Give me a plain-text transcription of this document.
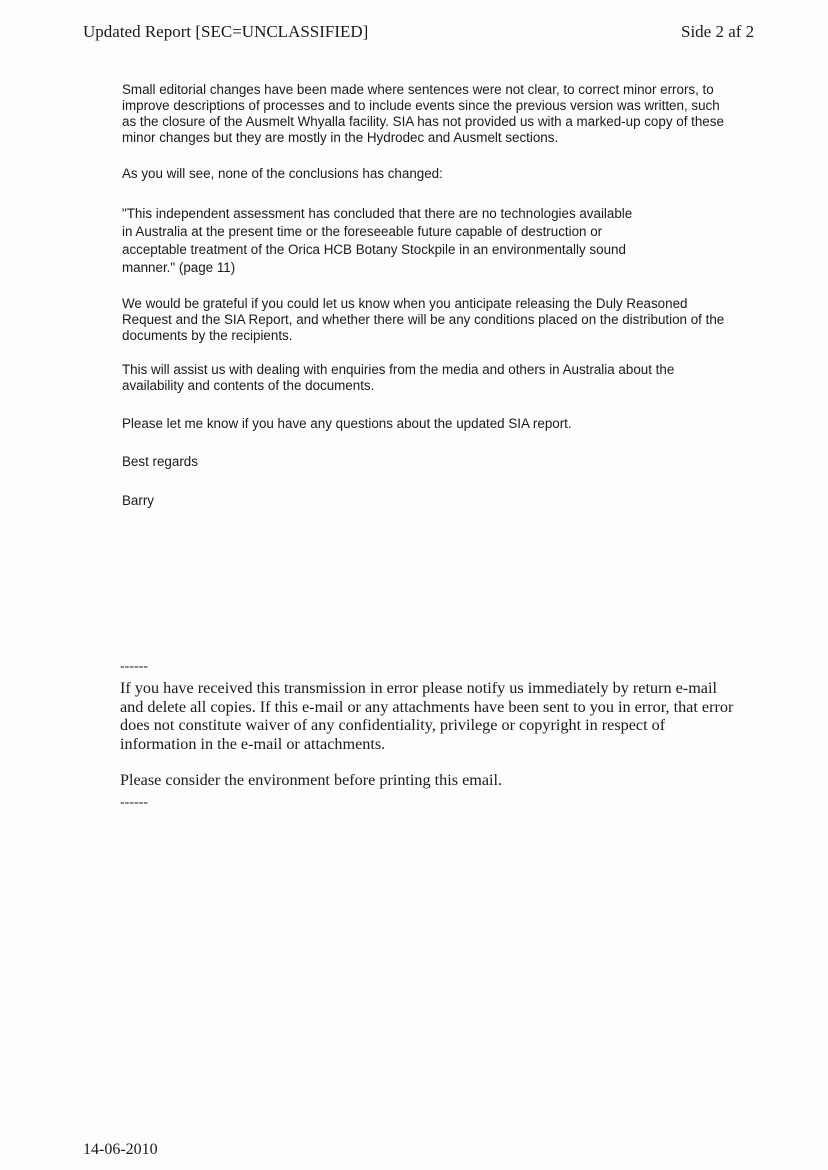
Updated Report [SEC=UNCLASSIFIED]	Side 2 af 2

Small editorial changes have been made where sentences were not clear, to correct minor errors, to
improve descriptions of processes and to include events since the previous version was written, such
as the closure of the Ausmelt Whyalla facility. SIA has not provided us with a marked-up copy of these
minor changes but they are mostly in the Hydrodec and Ausmelt sections.

As you will see, none of the conclusions has changed:

"This independent assessment has concluded that there are no technologies available
in Australia at the present time or the foreseeable future capable of destruction or
acceptable treatment of the Orica HCB Botany Stockpile in an environmentally sound
manner." (page 11)

We would be grateful if you could let us know when you anticipate releasing the Duly Reasoned
Request and the SIA Report, and whether there will be any conditions placed on the distribution of the
documents by the recipients.

This will assist us with dealing with enquiries from the media and others in Australia about the
availability and contents of the documents.

Please let me know if you have any questions about the updated SIA report.

Best regards

Barry

------

If you have received this transmission in error please notify us immediately by return e-mail
and delete all copies. If this e-mail or any attachments have been sent to you in error, that error
does not constitute waiver of any confidentiality, privilege or copyright in respect of
information in the e-mail or attachments.

Please consider the environment before printing this email.

------
14-06-2010
